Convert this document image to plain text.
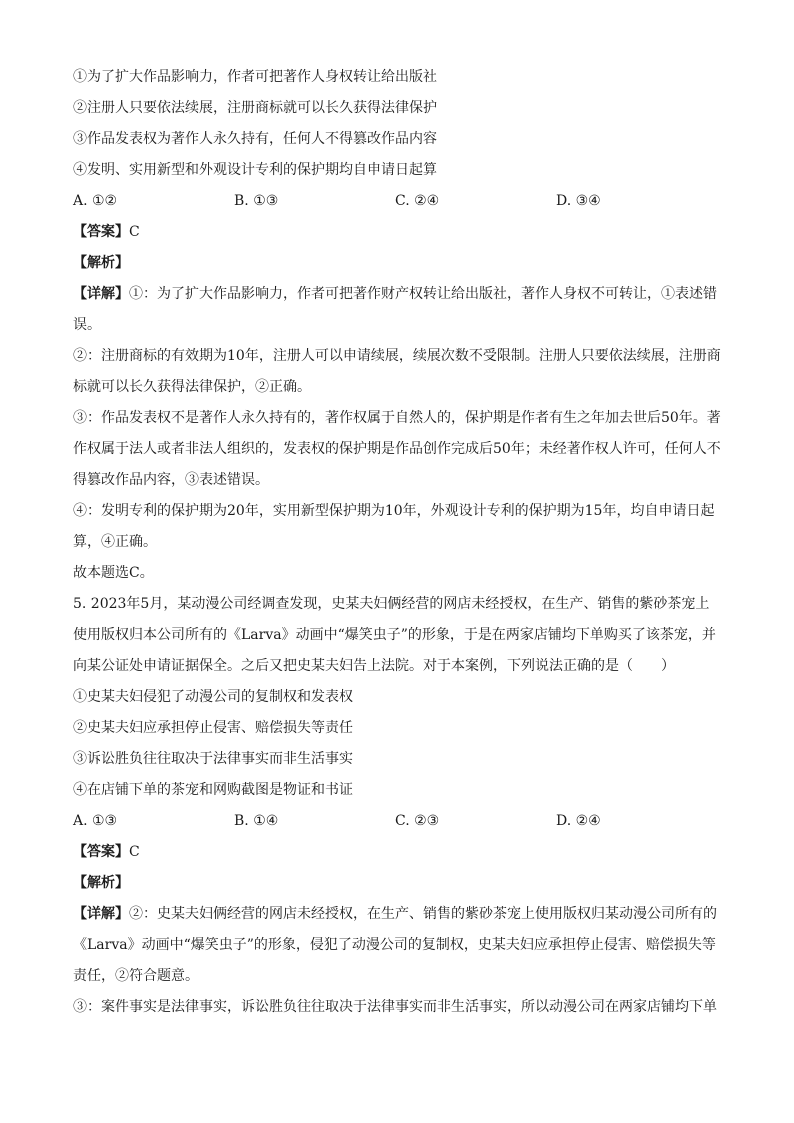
①为了扩大作品影响力，作者可把著作人身权转让给出版社
②注册人只要依法续展，注册商标就可以长久获得法律保护
③作品发表权为著作人永久持有，任何人不得篡改作品内容
④发明、实用新型和外观设计专利的保护期均自申请日起算
A. ①②	B. ①③	C. ②④	D. ③④
【答案】C
【解析】
【详解】①：为了扩大作品影响力，作者可把著作财产权转让给出版社，著作人身权不可转让，①表述错误。
②：注册商标的有效期为10年，注册人可以申请续展，续展次数不受限制。注册人只要依法续展，注册商标就可以长久获得法律保护，②正确。
③：作品发表权不是著作人永久持有的，著作权属于自然人的，保护期是作者有生之年加去世后50年。著作权属于法人或者非法人组织的，发表权的保护期是作品创作完成后50年；未经著作权人许可，任何人不得篡改作品内容，③表述错误。
④：发明专利的保护期为20年，实用新型保护期为10年，外观设计专利的保护期为15年，均自申请日起算，④正确。
故本题选C。
5. 2023年5月，某动漫公司经调查发现，史某夫妇俩经营的网店未经授权，在生产、销售的紫砂茶宠上使用版权归本公司所有的《Larva》动画中“爆笑虫子”的形象，于是在两家店铺均下单购买了该茶宠，并向某公证处申请证据保全。之后又把史某夫妇告上法院。对于本案例，下列说法正确的是（　　）
①史某夫妇侵犯了动漫公司的复制权和发表权
②史某夫妇应承担停止侵害、赔偿损失等责任
③诉讼胜负往往取决于法律事实而非生活事实
④在店铺下单的茶宠和网购截图是物证和书证
A. ①③	B. ①④	C. ②③	D. ②④
【答案】C
【解析】
【详解】②：史某夫妇俩经营的网店未经授权，在生产、销售的紫砂茶宠上使用版权归某动漫公司所有的《Larva》动画中“爆笑虫子”的形象，侵犯了动漫公司的复制权，史某夫妇应承担停止侵害、赔偿损失等责任，②符合题意。
③：案件事实是法律事实，诉讼胜负往往取决于法律事实而非生活事实，所以动漫公司在两家店铺均下单
